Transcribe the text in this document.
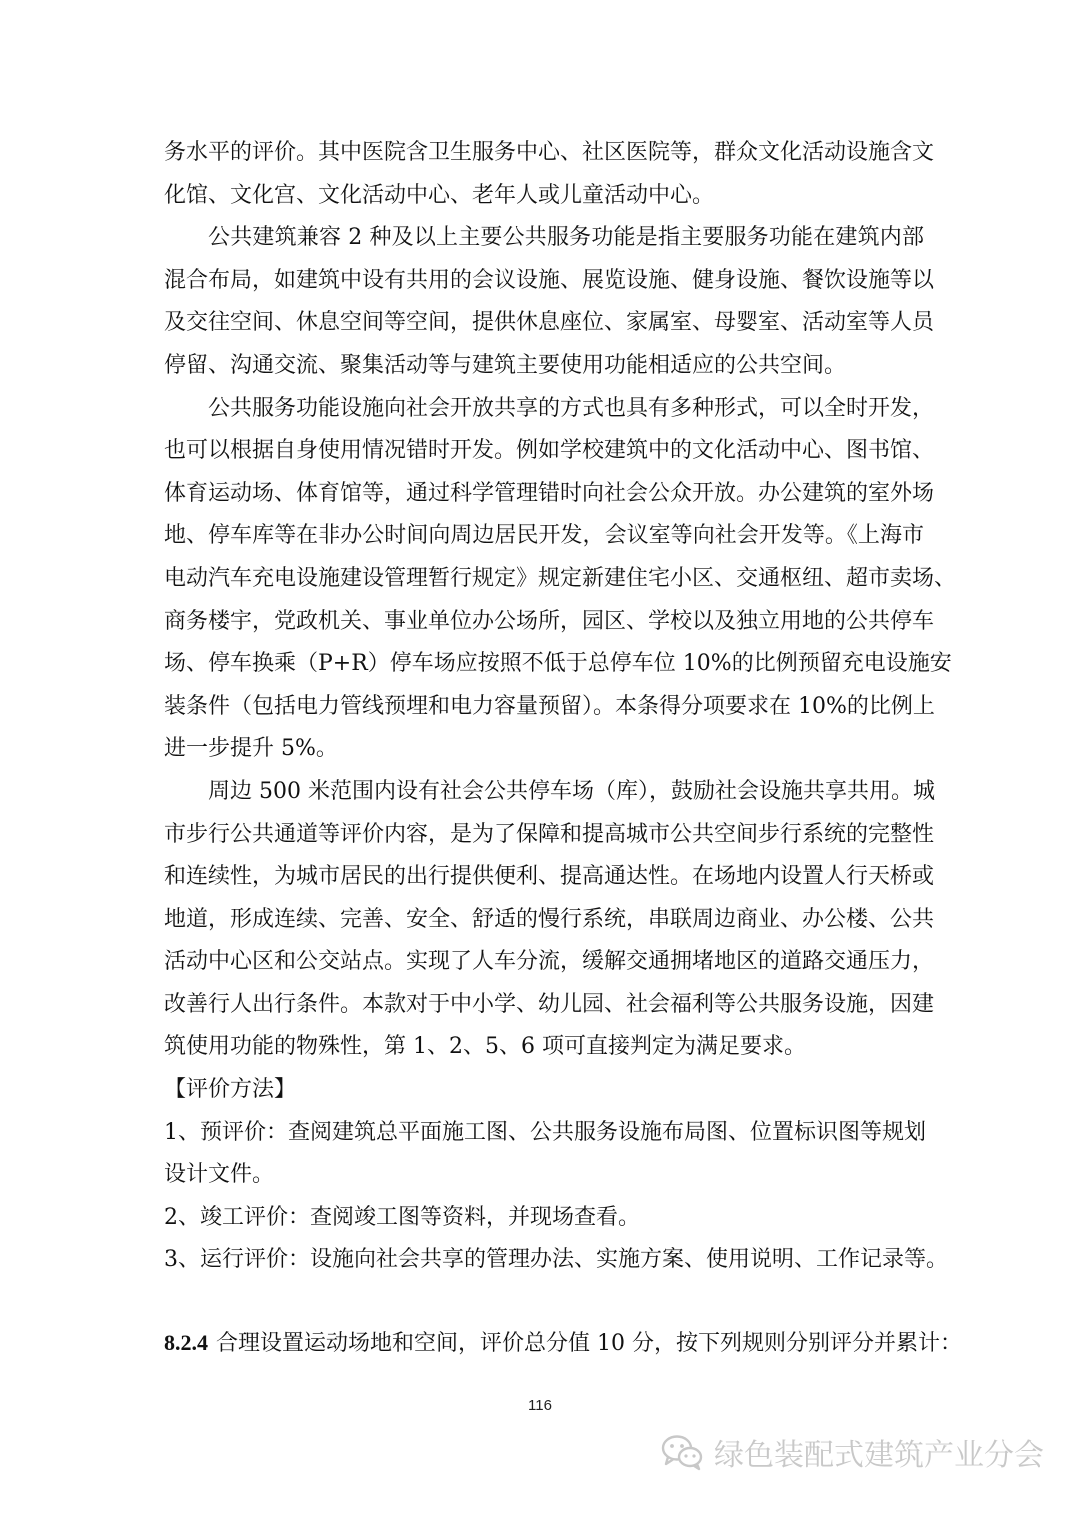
务水平的评价。其中医院含卫生服务中心、社区医院等，群众文化活动设施含文
化馆、文化宫、文化活动中心、老年人或儿童活动中心。
公共建筑兼容 2 种及以上主要公共服务功能是指主要服务功能在建筑内部
混合布局，如建筑中设有共用的会议设施、展览设施、健身设施、餐饮设施等以
及交往空间、休息空间等空间，提供休息座位、家属室、母婴室、活动室等人员
停留、沟通交流、聚集活动等与建筑主要使用功能相适应的公共空间。
公共服务功能设施向社会开放共享的方式也具有多种形式，可以全时开发，
也可以根据自身使用情况错时开发。例如学校建筑中的文化活动中心、图书馆、
体育运动场、体育馆等，通过科学管理错时向社会公众开放。办公建筑的室外场
地、停车库等在非办公时间向周边居民开发，会议室等向社会开发等。《上海市
电动汽车充电设施建设管理暂行规定》规定新建住宅小区、交通枢纽、超市卖场、
商务楼宇，党政机关、事业单位办公场所，园区、学校以及独立用地的公共停车
场、停车换乘（P+R）停车场应按照不低于总停车位 10%的比例预留充电设施安
装条件（包括电力管线预埋和电力容量预留）。本条得分项要求在 10%的比例上
进一步提升 5%。
周边 500 米范围内设有社会公共停车场（库），鼓励社会设施共享共用。城
市步行公共通道等评价内容，是为了保障和提高城市公共空间步行系统的完整性
和连续性，为城市居民的出行提供便利、提高通达性。在场地内设置人行天桥或
地道，形成连续、完善、安全、舒适的慢行系统，串联周边商业、办公楼、公共
活动中心区和公交站点。实现了人车分流，缓解交通拥堵地区的道路交通压力，
改善行人出行条件。本款对于中小学、幼儿园、社会福利等公共服务设施，因建
筑使用功能的物殊性，第 1、2、5、6 项可直接判定为满足要求。
【评价方法】
1、预评价：查阅建筑总平面施工图、公共服务设施布局图、位置标识图等规划
设计文件。
2、竣工评价：查阅竣工图等资料，并现场查看。
3、运行评价：设施向社会共享的管理办法、实施方案、使用说明、工作记录等。
8.2.4 合理设置运动场地和空间，评价总分值 10 分，按下列规则分别评分并累计：
116
绿色装配式建筑产业分会
